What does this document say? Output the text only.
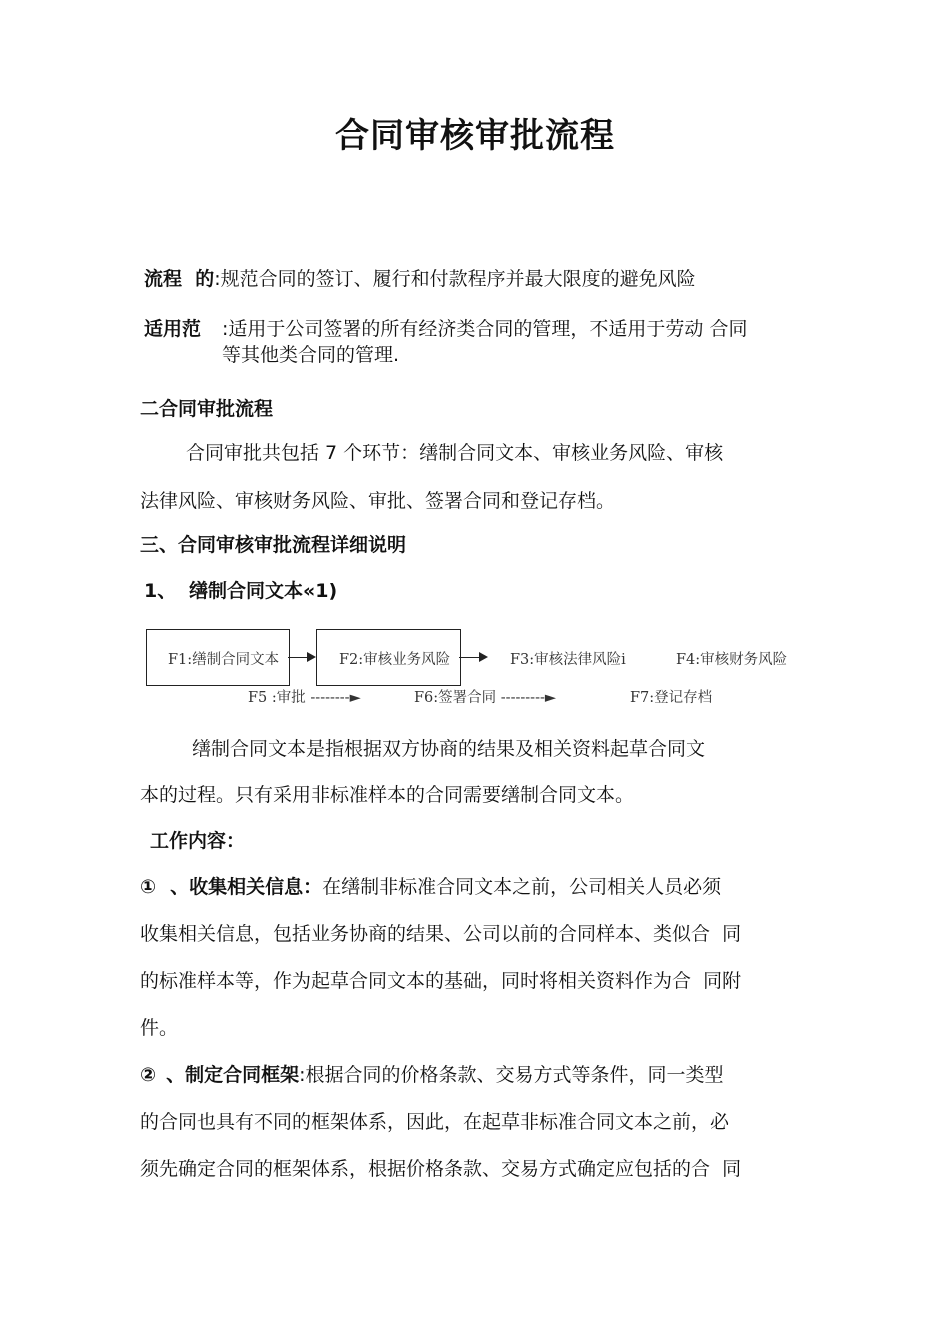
合同审核审批流程
流程  的:规范合同的签订、履行和付款程序并最大限度的避免风险
适用范 :适用于公司签署的所有经济类合同的管理，不适用于劳动 合同
等其他类合同的管理.
二合同审批流程
合同审批共包括 7 个环节：缮制合同文本、审核业务风险、审核
法律风险、审核财务风险、审批、签署合同和登记存档。
三、合同审核审批流程详细说明
1、 缮制合同文本«1)
F1:缮制合同文本	F2:审核业务风险	F3:审核法律风险ⅰ	F4:审核财务风险
F5 :审批 --------►	F6:签署合同 ---------►	F7:登记存档
缮制合同文本是指根据双方协商的结果及相关资料起草合同文
本的过程。只有采用非标准样本的合同需要缮制合同文本。
工作内容：
① 、收集相关信息：在缮制非标准合同文本之前，公司相关人员必须
收集相关信息，包括业务协商的结果、公司以前的合同样本、类似合  同
的标准样本等，作为起草合同文本的基础，同时将相关资料作为合  同附
件。
② 、制定合同框架:根据合同的价格条款、交易方式等条件，同一类型
的合同也具有不同的框架体系，因此，在起草非标准合同文本之前，必
须先确定合同的框架体系，根据价格条款、交易方式确定应包括的合  同
